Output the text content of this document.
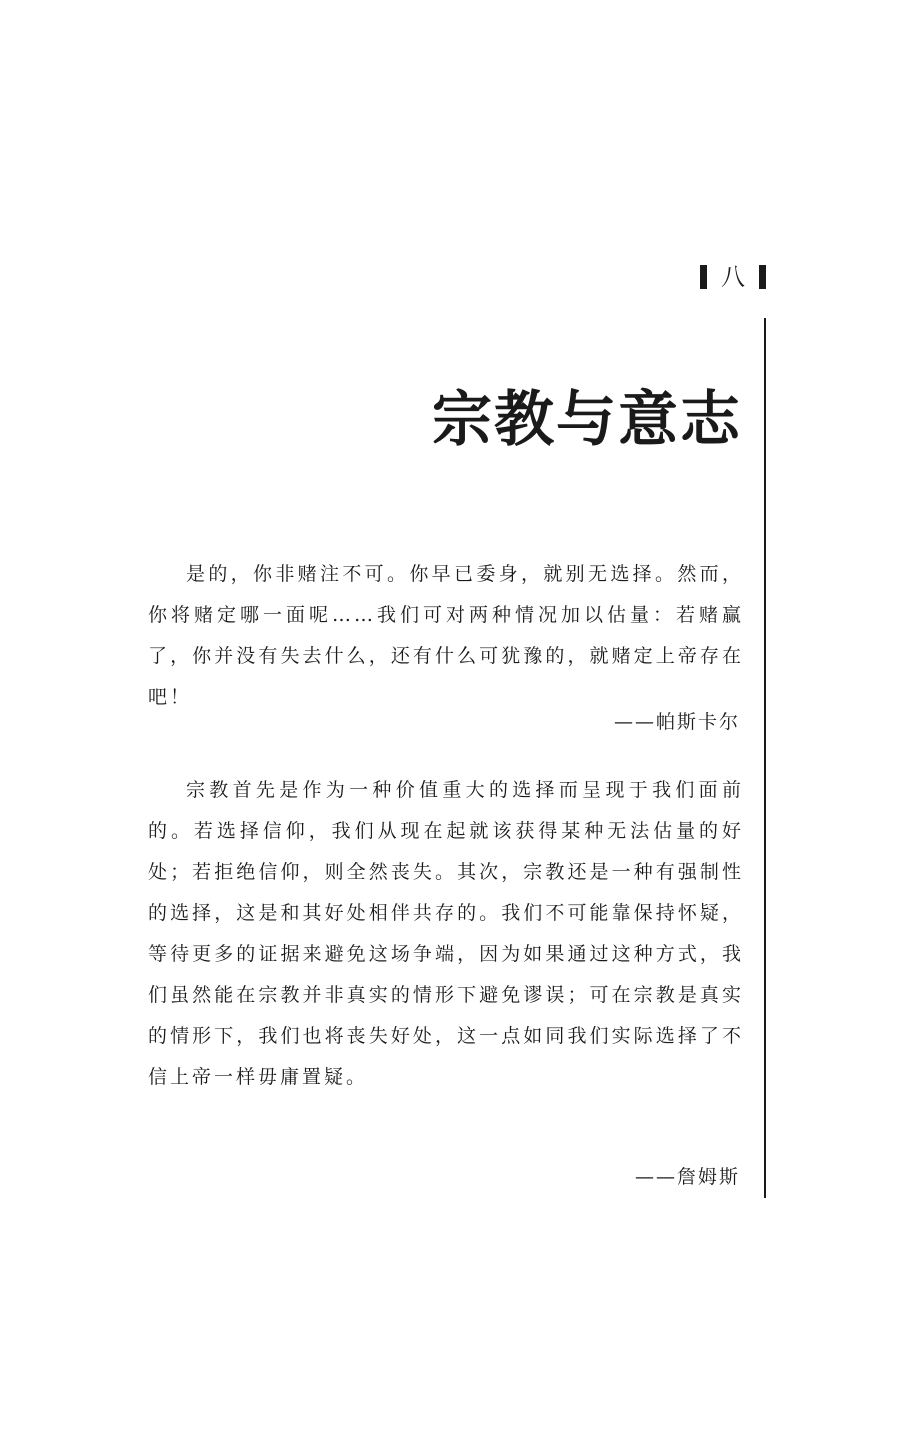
八
宗教与意志

是的，你非赌注不可。你早已委身，就别无选择。然而，你将赌定哪一面呢……我们可对两种情况加以估量：若赌赢了，你并没有失去什么，还有什么可犹豫的，就赌定上帝存在吧！

——帕斯卡尔

宗教首先是作为一种价值重大的选择而呈现于我们面前的。若选择信仰，我们从现在起就该获得某种无法估量的好处；若拒绝信仰，则全然丧失。其次，宗教还是一种有强制性的选择，这是和其好处相伴共存的。我们不可能靠保持怀疑，等待更多的证据来避免这场争端，因为如果通过这种方式，我们虽然能在宗教并非真实的情形下避免谬误；可在宗教是真实的情形下，我们也将丧失好处，这一点如同我们实际选择了不信上帝一样毋庸置疑。

——詹姆斯
